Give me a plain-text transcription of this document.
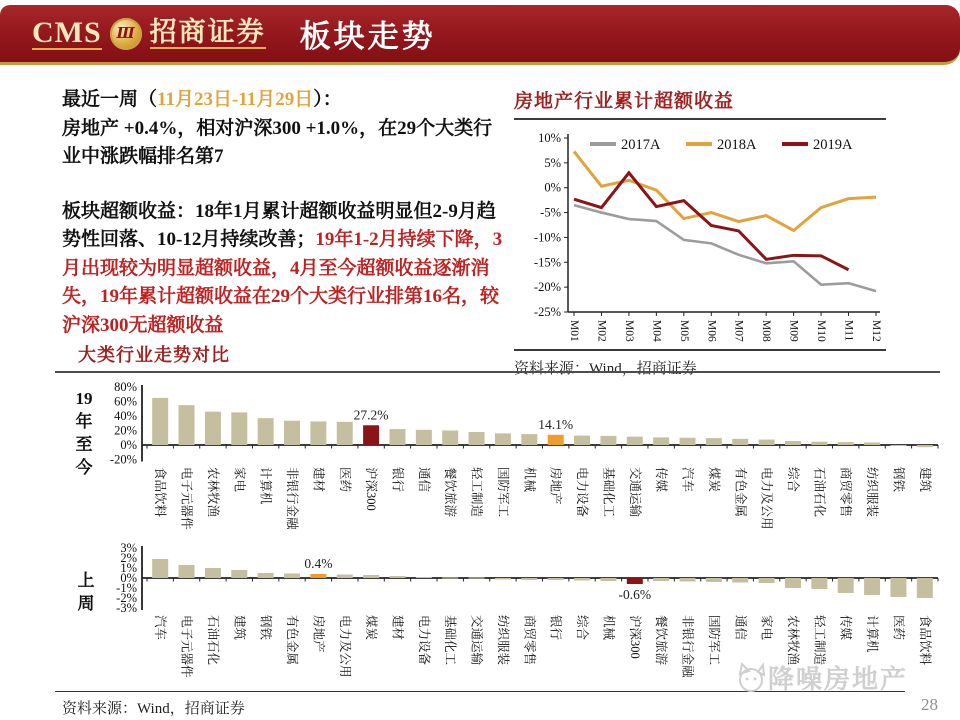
CMS Ⅲ 招商证券 板块走势

最近一周（11月23日-11月29日）：
房地产 +0.4%，相对沪深300 +1.0%，在29个大类行业中涨跌幅排名第7

板块超额收益：18年1月累计超额收益明显但2-9月趋势性回落、10-12月持续改善；19年1-2月持续下降，3月出现较为明显超额收益，4月至今超额收益逐渐消失，19年累计超额收益在29个大类行业排第16名，较沪深300无超额收益

大类行业走势对比
房地产行业累计超额收益
10%
5%
0%
-5%
-10%
-15%
-20%
-25%
M01 M02 M03 M04 M05 M06 M07 M08 M09 M10 M11 M12
2017A	2018A	2019A
资料来源：Wind，招商证券
19年至今
80%
60%
40%
20%
0%
-20%
食品饮料 电子元器件 农林牧渔 家电 计算机 非银行金融 建材 医药
27.2%
沪深300 银行 通信 餐饮旅游 轻工制造 国防军工 机械
14.1%
房地产 电力设备 基础化工 交通运输 传媒 汽车 煤炭 有色金属 电力及公用 综合 石油石化 商贸零售 纺织服装 钢铁 建筑
上周
3%
2%
1%
0%
-1%
-2%
-3%
汽车 电子元器件 石油石化 建筑 钢铁 有色金属
0.4%
房地产 电力及公用 煤炭 建材 电力设备 基础化工 交通运输 纺织服装 商贸零售 银行 综合 机械
-0.6%
沪深300 餐饮旅游 非银行金融 国防军工 通信 家电 农林牧渔 轻工制造 传媒 计算机 医药 食品饮料
资料来源：Wind，招商证券
降噪房地产
28
